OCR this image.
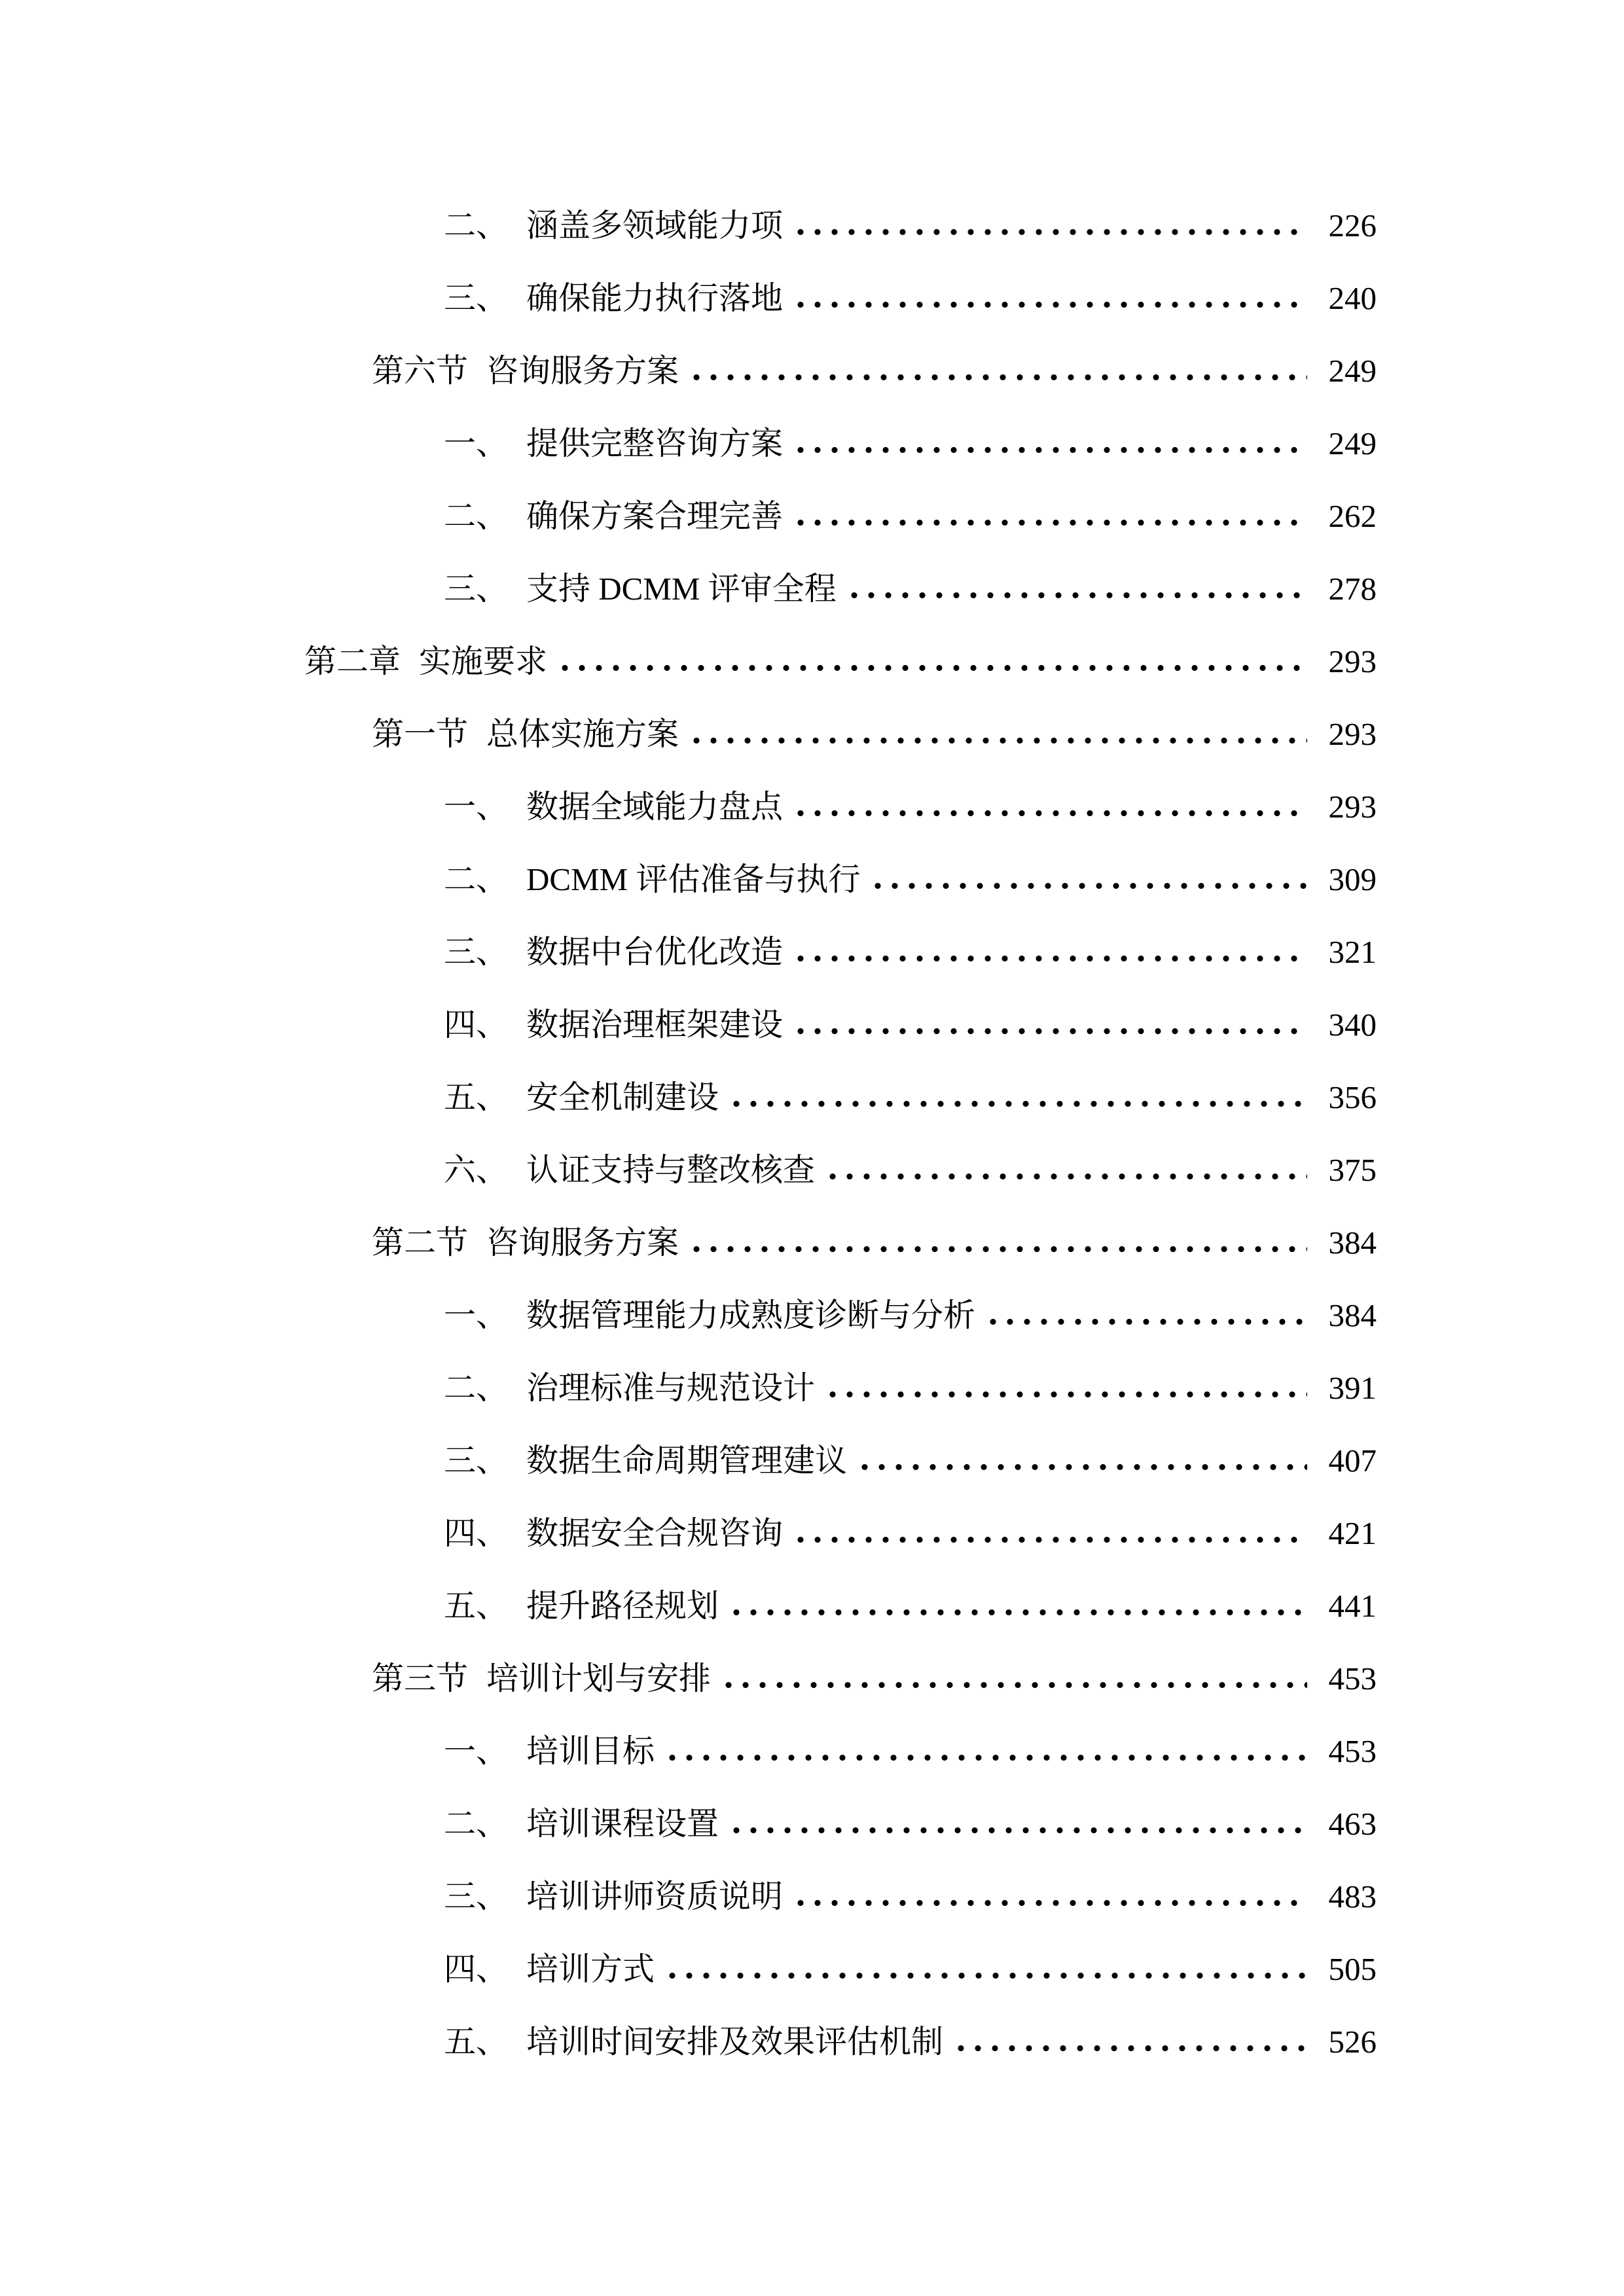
二、 涵盖多领域能力项	226
三、 确保能力执行落地	240
第六节 咨询服务方案	249
一、 提供完整咨询方案	249
二、 确保方案合理完善	262
三、 支持 DCMM 评审全程	278
第二章 实施要求	293
第一节 总体实施方案	293
一、 数据全域能力盘点	293
二、 DCMM 评估准备与执行	309
三、 数据中台优化改造	321
四、 数据治理框架建设	340
五、 安全机制建设	356
六、 认证支持与整改核查	375
第二节 咨询服务方案	384
一、 数据管理能力成熟度诊断与分析	384
二、 治理标准与规范设计	391
三、 数据生命周期管理建议	407
四、 数据安全合规咨询	421
五、 提升路径规划	441
第三节 培训计划与安排	453
一、 培训目标	453
二、 培训课程设置	463
三、 培训讲师资质说明	483
四、 培训方式	505
五、 培训时间安排及效果评估机制	526
